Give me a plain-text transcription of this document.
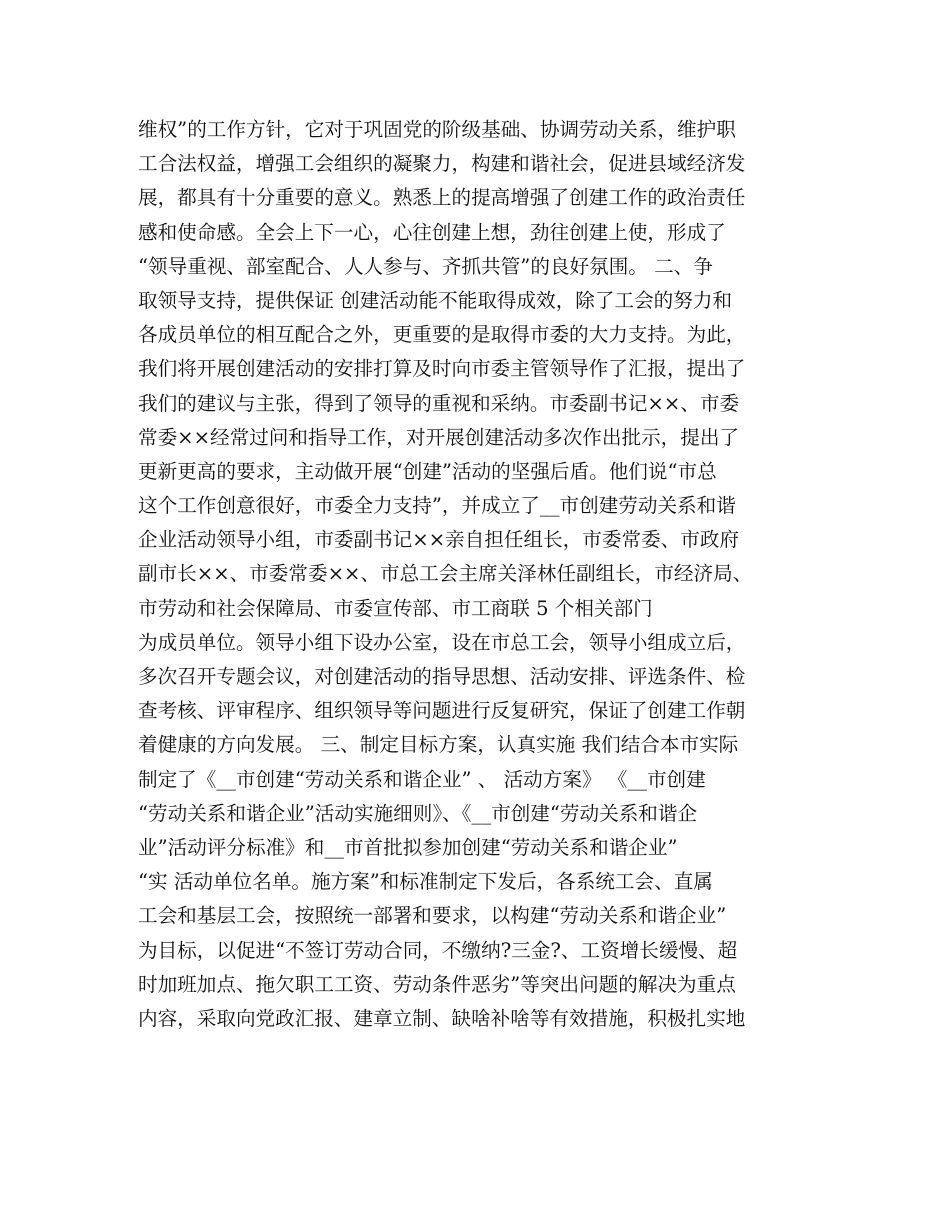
维权”的工作方针，它对于巩固党的阶级基础、协调劳动关系，维护职
工合法权益，增强工会组织的凝聚力，构建和谐社会，促进县域经济发
展，都具有十分重要的意义。熟悉上的提高增强了创建工作的政治责任
感和使命感。全会上下一心，心往创建上想，劲往创建上使，形成了
“领导重视、部室配合、人人参与、齐抓共管”的良好氛围。 二、争
取领导支持，提供保证 创建活动能不能取得成效，除了工会的努力和
各成员单位的相互配合之外，更重要的是取得市委的大力支持。为此，
我们将开展创建活动的安排打算及时向市委主管领导作了汇报，提出了
我们的建议与主张，得到了领导的重视和采纳。市委副书记××、市委
常委××经常过问和指导工作，对开展创建活动多次作出批示，提出了
更新更高的要求，主动做开展“创建”活动的坚强后盾。他们说“市总
这个工作创意很好，市委全力支持”，并成立了__市创建劳动关系和谐
企业活动领导小组，市委副书记××亲自担任组长，市委常委、市政府
副市长××、市委常委××、市总工会主席关泽林任副组长，市经济局、
市劳动和社会保障局、市委宣传部、市工商联 5 个相关部门
为成员单位。领导小组下设办公室，设在市总工会，领导小组成立后，
多次召开专题会议，对创建活动的指导思想、活动安排、评选条件、检
查考核、评审程序、组织领导等问题进行反复研究，保证了创建工作朝
着健康的方向发展。 三、制定目标方案，认真实施 我们结合本市实际
制定了《__市创建“劳动关系和谐企业” 、 活动方案》 《__市创建
“劳动关系和谐企业”活动实施细则》、《__市创建“劳动关系和谐企
业”活动评分标准》和__市首批拟参加创建“劳动关系和谐企业”
“实 活动单位名单。施方案”和标准制定下发后，各系统工会、直属
工会和基层工会，按照统一部署和要求，以构建“劳动关系和谐企业”
为目标，以促进“不签订劳动合同，不缴纳?三金?、工资增长缓慢、超
时加班加点、拖欠职工工资、劳动条件恶劣”等突出问题的解决为重点
内容，采取向党政汇报、建章立制、缺啥补啥等有效措施，积极扎实地
